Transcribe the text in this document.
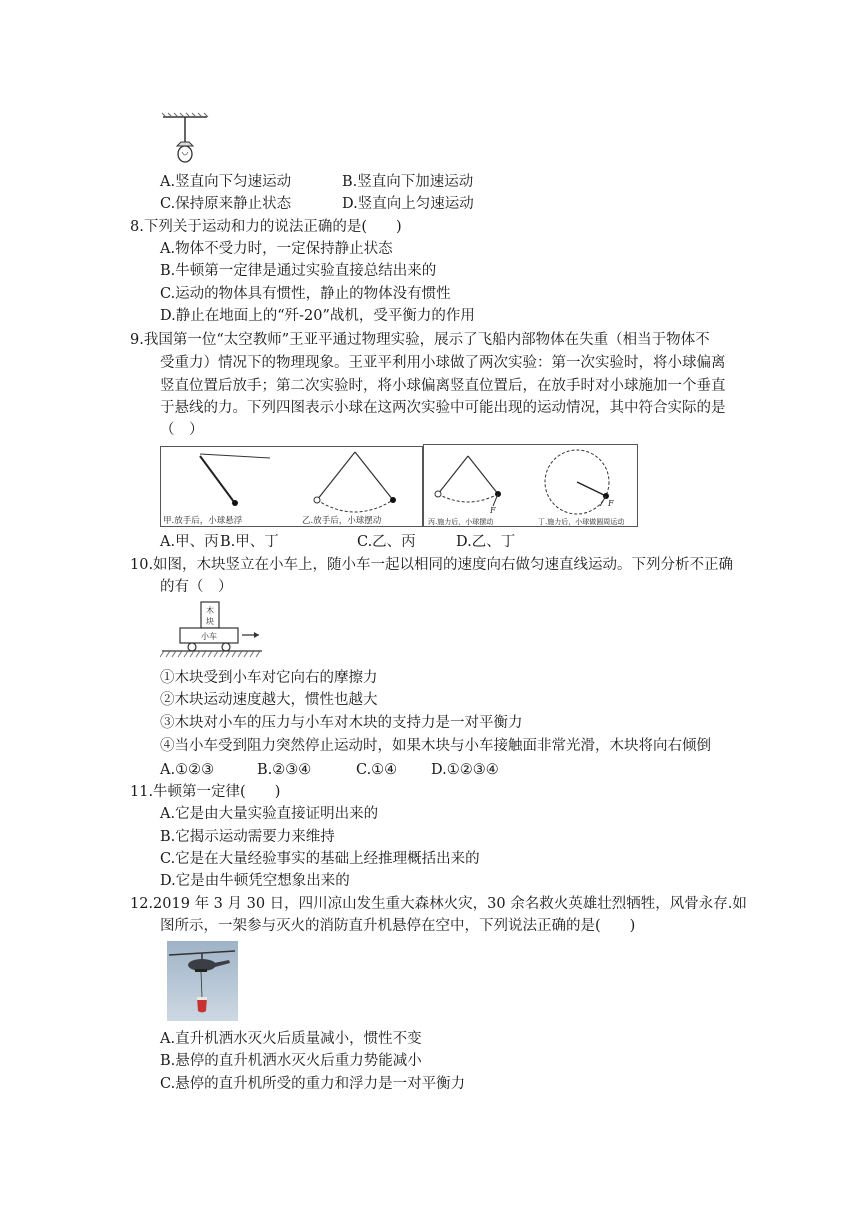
A.竖直向下匀速运动	B.竖直向下加速运动
C.保持原来静止状态	D.竖直向上匀速运动
8.下列关于运动和力的说法正确的是(　　)
A.物体不受力时，一定保持静止状态
B.牛顿第一定律是通过实验直接总结出来的
C.运动的物体具有惯性，静止的物体没有惯性
D.静止在地面上的“歼-20”战机，受平衡力的作用
9.我国第一位“太空教师”王亚平通过物理实验，展示了飞船内部物体在失重（相当于物体不
受重力）情况下的物理现象。王亚平利用小球做了两次实验：第一次实验时，将小球偏离
竖直位置后放手；第二次实验时，将小球偏离竖直位置后，在放手时对小球施加一个垂直
于悬线的力。下列四图表示小球在这两次实验中可能出现的运动情况，其中符合实际的是
（　）
甲.放手后，小球悬浮	乙.放手后，小球摆动
F
丙.施力后，小球摆动
F
丁.施力后，小球做圆周运动
A.甲、丙 B.甲、丁	C.乙、丙	D.乙、丁
10.如图，木块竖立在小车上，随小车一起以相同的速度向右做匀速直线运动。下列分析不正确
的有（　）
木
块
小车
①木块受到小车对它向右的摩擦力
②木块运动速度越大，惯性也越大
③木块对小车的压力与小车对木块的支持力是一对平衡力
④当小车受到阻力突然停止运动时，如果木块与小车接触面非常光滑，木块将向右倾倒
A.①②③	B.②③④	C.①④ D.①②③④
11.牛顿第一定律(　　)
A.它是由大量实验直接证明出来的
B.它揭示运动需要力来维持
C.它是在大量经验事实的基础上经推理概括出来的
D.它是由牛顿凭空想象出来的
12.2019 年 3 月 30 日，四川凉山发生重大森林火灾，30 余名救火英雄壮烈牺牲，风骨永存.如
图所示，一架参与灭火的消防直升机悬停在空中，下列说法正确的是(　　)
A.直升机洒水灭火后质量减小，惯性不变
B.悬停的直升机洒水灭火后重力势能减小
C.悬停的直升机所受的重力和浮力是一对平衡力
